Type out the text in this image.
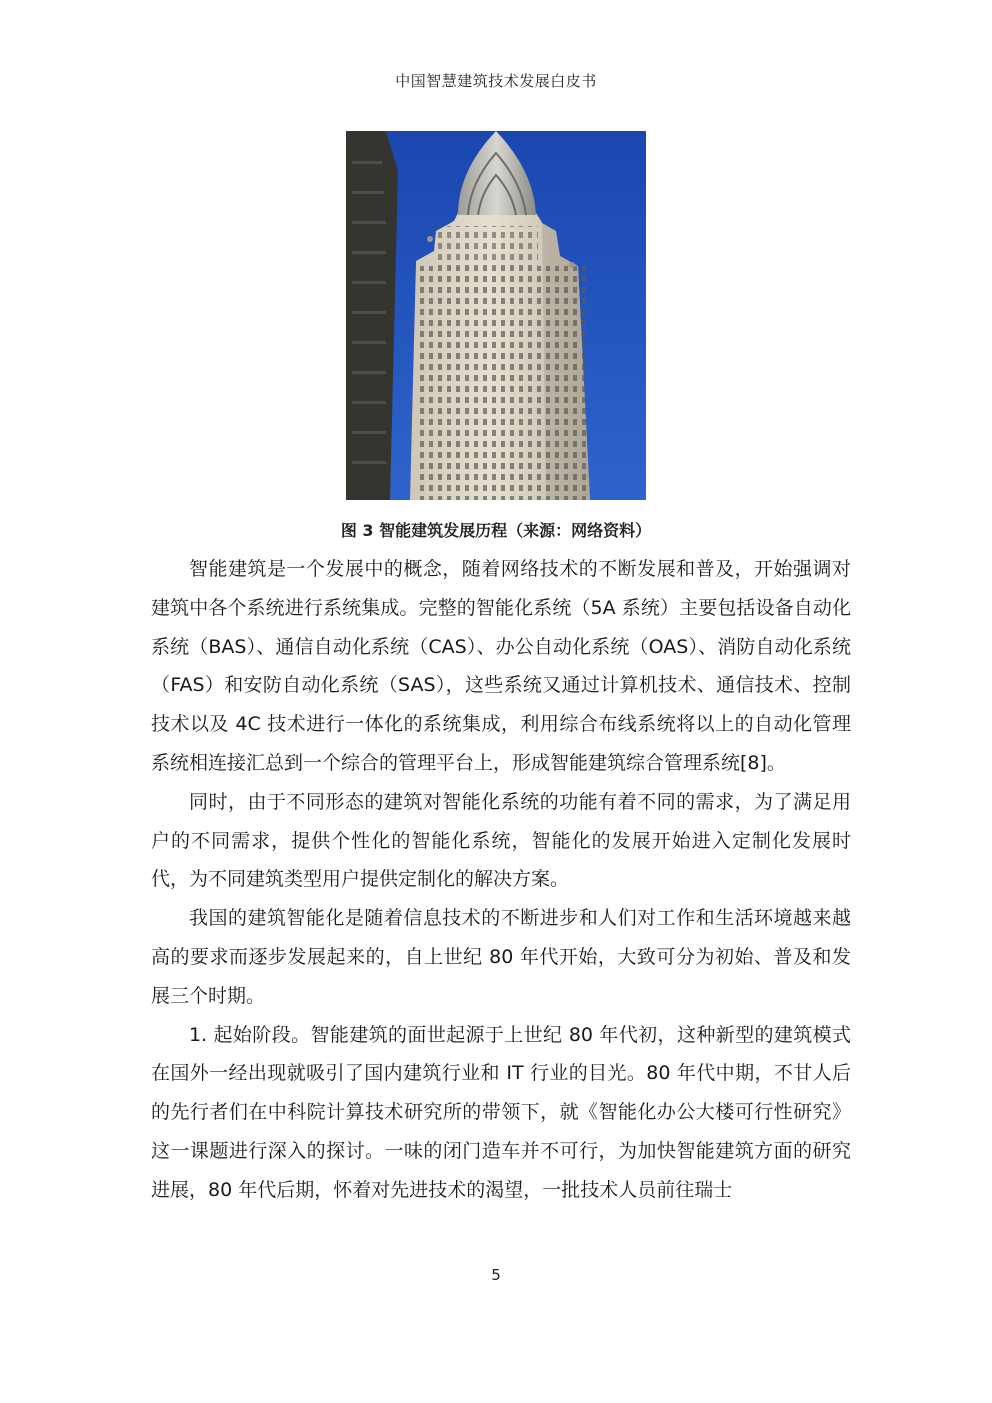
中国智慧建筑技术发展白皮书
图 3 智能建筑发展历程（来源：网络资料）

智能建筑是一个发展中的概念，随着网络技术的不断发展和普及，开始强调对建筑中各个系统进行系统集成。完整的智能化系统（5A 系统）主要包括设备自动化系统（BAS）、通信自动化系统（CAS）、办公自动化系统（OAS）、消防自动化系统（FAS）和安防自动化系统（SAS），这些系统又通过计算机技术、通信技术、控制技术以及 4C 技术进行一体化的系统集成，利用综合布线系统将以上的自动化管理系统相连接汇总到一个综合的管理平台上，形成智能建筑综合管理系统[8]。

同时，由于不同形态的建筑对智能化系统的功能有着不同的需求，为了满足用户的不同需求，提供个性化的智能化系统，智能化的发展开始进入定制化发展时代，为不同建筑类型用户提供定制化的解决方案。

我国的建筑智能化是随着信息技术的不断进步和人们对工作和生活环境越来越高的要求而逐步发展起来的，自上世纪 80 年代开始，大致可分为初始、普及和发展三个时期。

1. 起始阶段。智能建筑的面世起源于上世纪 80 年代初，这种新型的建筑模式在国外一经出现就吸引了国内建筑行业和 IT 行业的目光。80 年代中期，不甘人后的先行者们在中科院计算技术研究所的带领下，就《智能化办公大楼可行性研究》这一课题进行深入的探讨。一味的闭门造车并不可行，为加快智能建筑方面的研究进展，80 年代后期，怀着对先进技术的渴望，一批技术人员前往瑞士

5
